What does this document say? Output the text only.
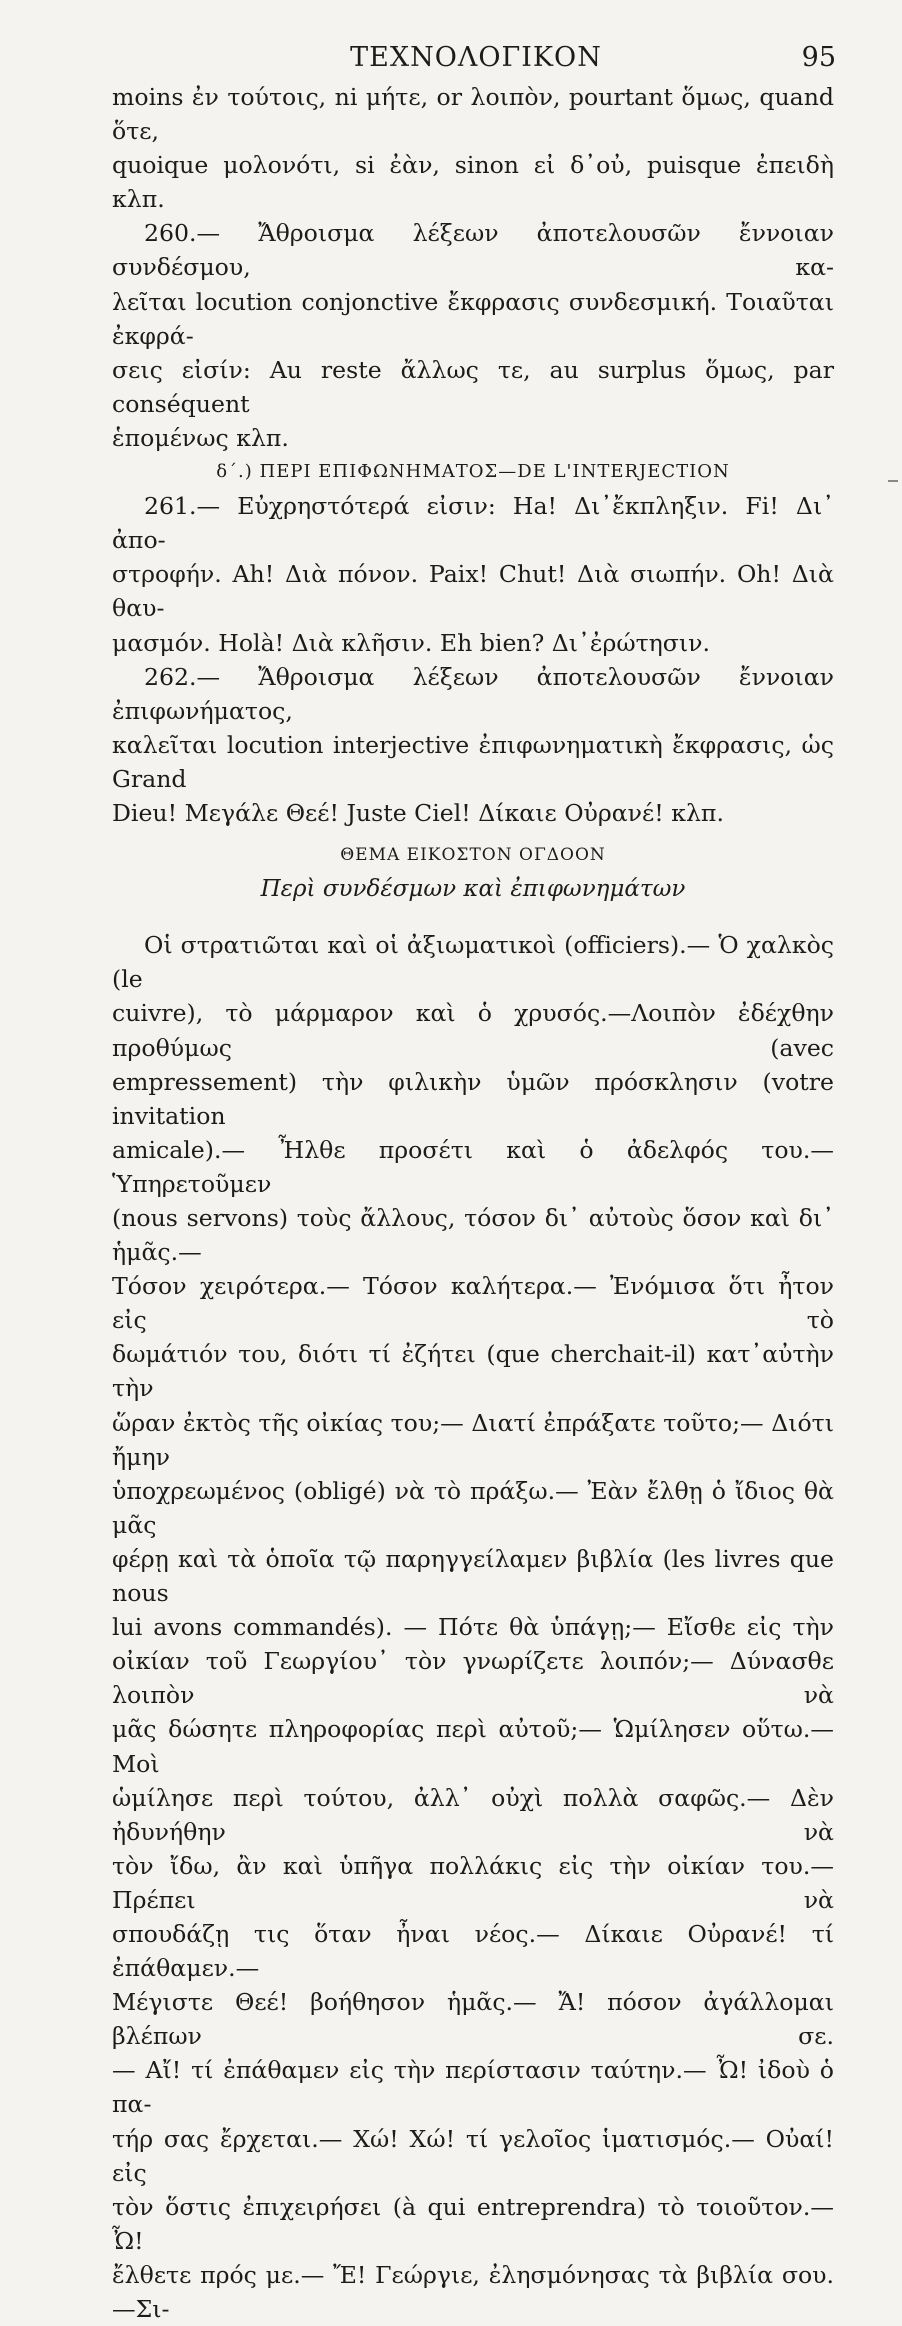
ΤΕΧΝΟΛΟΓΙΚΟΝ	95

moins ἐν τούτοις, ni μήτε, or λοιπὸν, pourtant ὅμως, quand ὅτε,

quoique μολονότι, si ἐὰν, sinon εἰ δ᾽οὐ, puisque ἐπειδὴ κλπ.

260.— Ἄθροισμα λέξεων ἀποτελουσῶν ἔννοιαν συνδέσμου, κα-

λεῖται locution conjonctive ἔκφρασις συνδεσμική. Τοιαῦται ἐκφρά-

σεις εἰσίν: Au reste ἄλλως τε, au surplus ὅμως, par conséquent

ἑπομένως κλπ.

δ΄.) ΠΕΡΙ ΕΠΙΦΩΝΗΜΑΤΟΣ—DE L'INTERJECTION

261.— Εὐχρηστότερά εἰσιν: Ha! Δι᾽ἔκπληξιν. Fi! Δι᾽ ἀπο-

στροφήν. Ah! Διὰ πόνον. Paix! Chut! Διὰ σιωπήν. Oh! Διὰ θαυ-

μασμόν. Holà! Διὰ κλῆσιν. Eh bien? Δι᾽ἐρώτησιν.

262.— Ἄθροισμα λέξεων ἀποτελουσῶν ἔννοιαν ἐπιφωνήματος,

καλεῖται locution interjective ἐπιφωνηματικὴ ἔκφρασις, ὡς Grand

Dieu! Μεγάλε Θεέ! Juste Ciel! Δίκαιε Οὐρανέ! κλπ.

ΘΕΜΑ ΕΙΚΟΣΤΟΝ ΟΓΔΟΟΝ

Περὶ συνδέσμων καὶ ἐπιφωνημάτων

Οἱ στρατιῶται καὶ οἱ ἀξιωματικοὶ (officiers).— Ὁ χαλκὸς (le

cuivre), τὸ μάρμαρον καὶ ὁ χρυσός.—Λοιπὸν ἐδέχθην προθύμως (avec

empressement) τὴν φιλικὴν ὑμῶν πρόσκλησιν (votre invitation

amicale).— Ἦλθε προσέτι καὶ ὁ ἀδελφός του.— Ὑπηρετοῦμεν

(nous servons) τοὺς ἄλλους, τόσον δι᾽ αὐτοὺς ὅσον καὶ δι᾽ ἡμᾶς.—

Τόσον χειρότερα.— Τόσον καλήτερα.— Ἐνόμισα ὅτι ἦτον εἰς τὸ

δωμάτιόν του, διότι τί ἐζήτει (que cherchait-il) κατ᾽αὐτὴν τὴν

ὥραν ἐκτὸς τῆς οἰκίας του;— Διατί ἐπράξατε τοῦτο;— Διότι ἤμην

ὑποχρεωμένος (obligé) νὰ τὸ πράξω.— Ἐὰν ἔλθῃ ὁ ἴδιος θὰ μᾶς

φέρῃ καὶ τὰ ὁποῖα τῷ παρηγγείλαμεν βιβλία (les livres que nous

lui avons commandés). — Πότε θὰ ὑπάγῃ;— Εἴσθε εἰς τὴν

οἰκίαν τοῦ Γεωργίου᾽ τὸν γνωρίζετε λοιπόν;— Δύνασθε λοιπὸν νὰ

μᾶς δώσητε πληροφορίας περὶ αὐτοῦ;— Ὡμίλησεν οὕτω.— Μοὶ

ὡμίλησε περὶ τούτου, ἀλλ᾽ οὐχὶ πολλὰ σαφῶς.— Δὲν ἠδυνήθην νὰ

τὸν ἴδω, ἂν καὶ ὑπῆγα πολλάκις εἰς τὴν οἰκίαν του.— Πρέπει νὰ

σπουδάζῃ τις ὅταν ἦναι νέος.— Δίκαιε Οὐρανέ! τί ἐπάθαμεν.—

Μέγιστε Θεέ! βοήθησον ἡμᾶς.— Ἄ! πόσον ἀγάλλομαι βλέπων σε.

— Αἴ! τί ἐπάθαμεν εἰς τὴν περίστασιν ταύτην.— Ὦ! ἰδοὺ ὁ πα-

τήρ σας ἔρχεται.— Χώ! Χώ! τί γελοῖος ἱματισμός.— Οὐαί! εἰς

τὸν ὅστις ἐπιχειρήσει (à qui entreprendra) τὸ τοιοῦτον.— Ὦ!

ἔλθετε πρός με.— Ἔ! Γεώργιε, ἐλησμόνησας τὰ βιβλία σου.—Σι-
